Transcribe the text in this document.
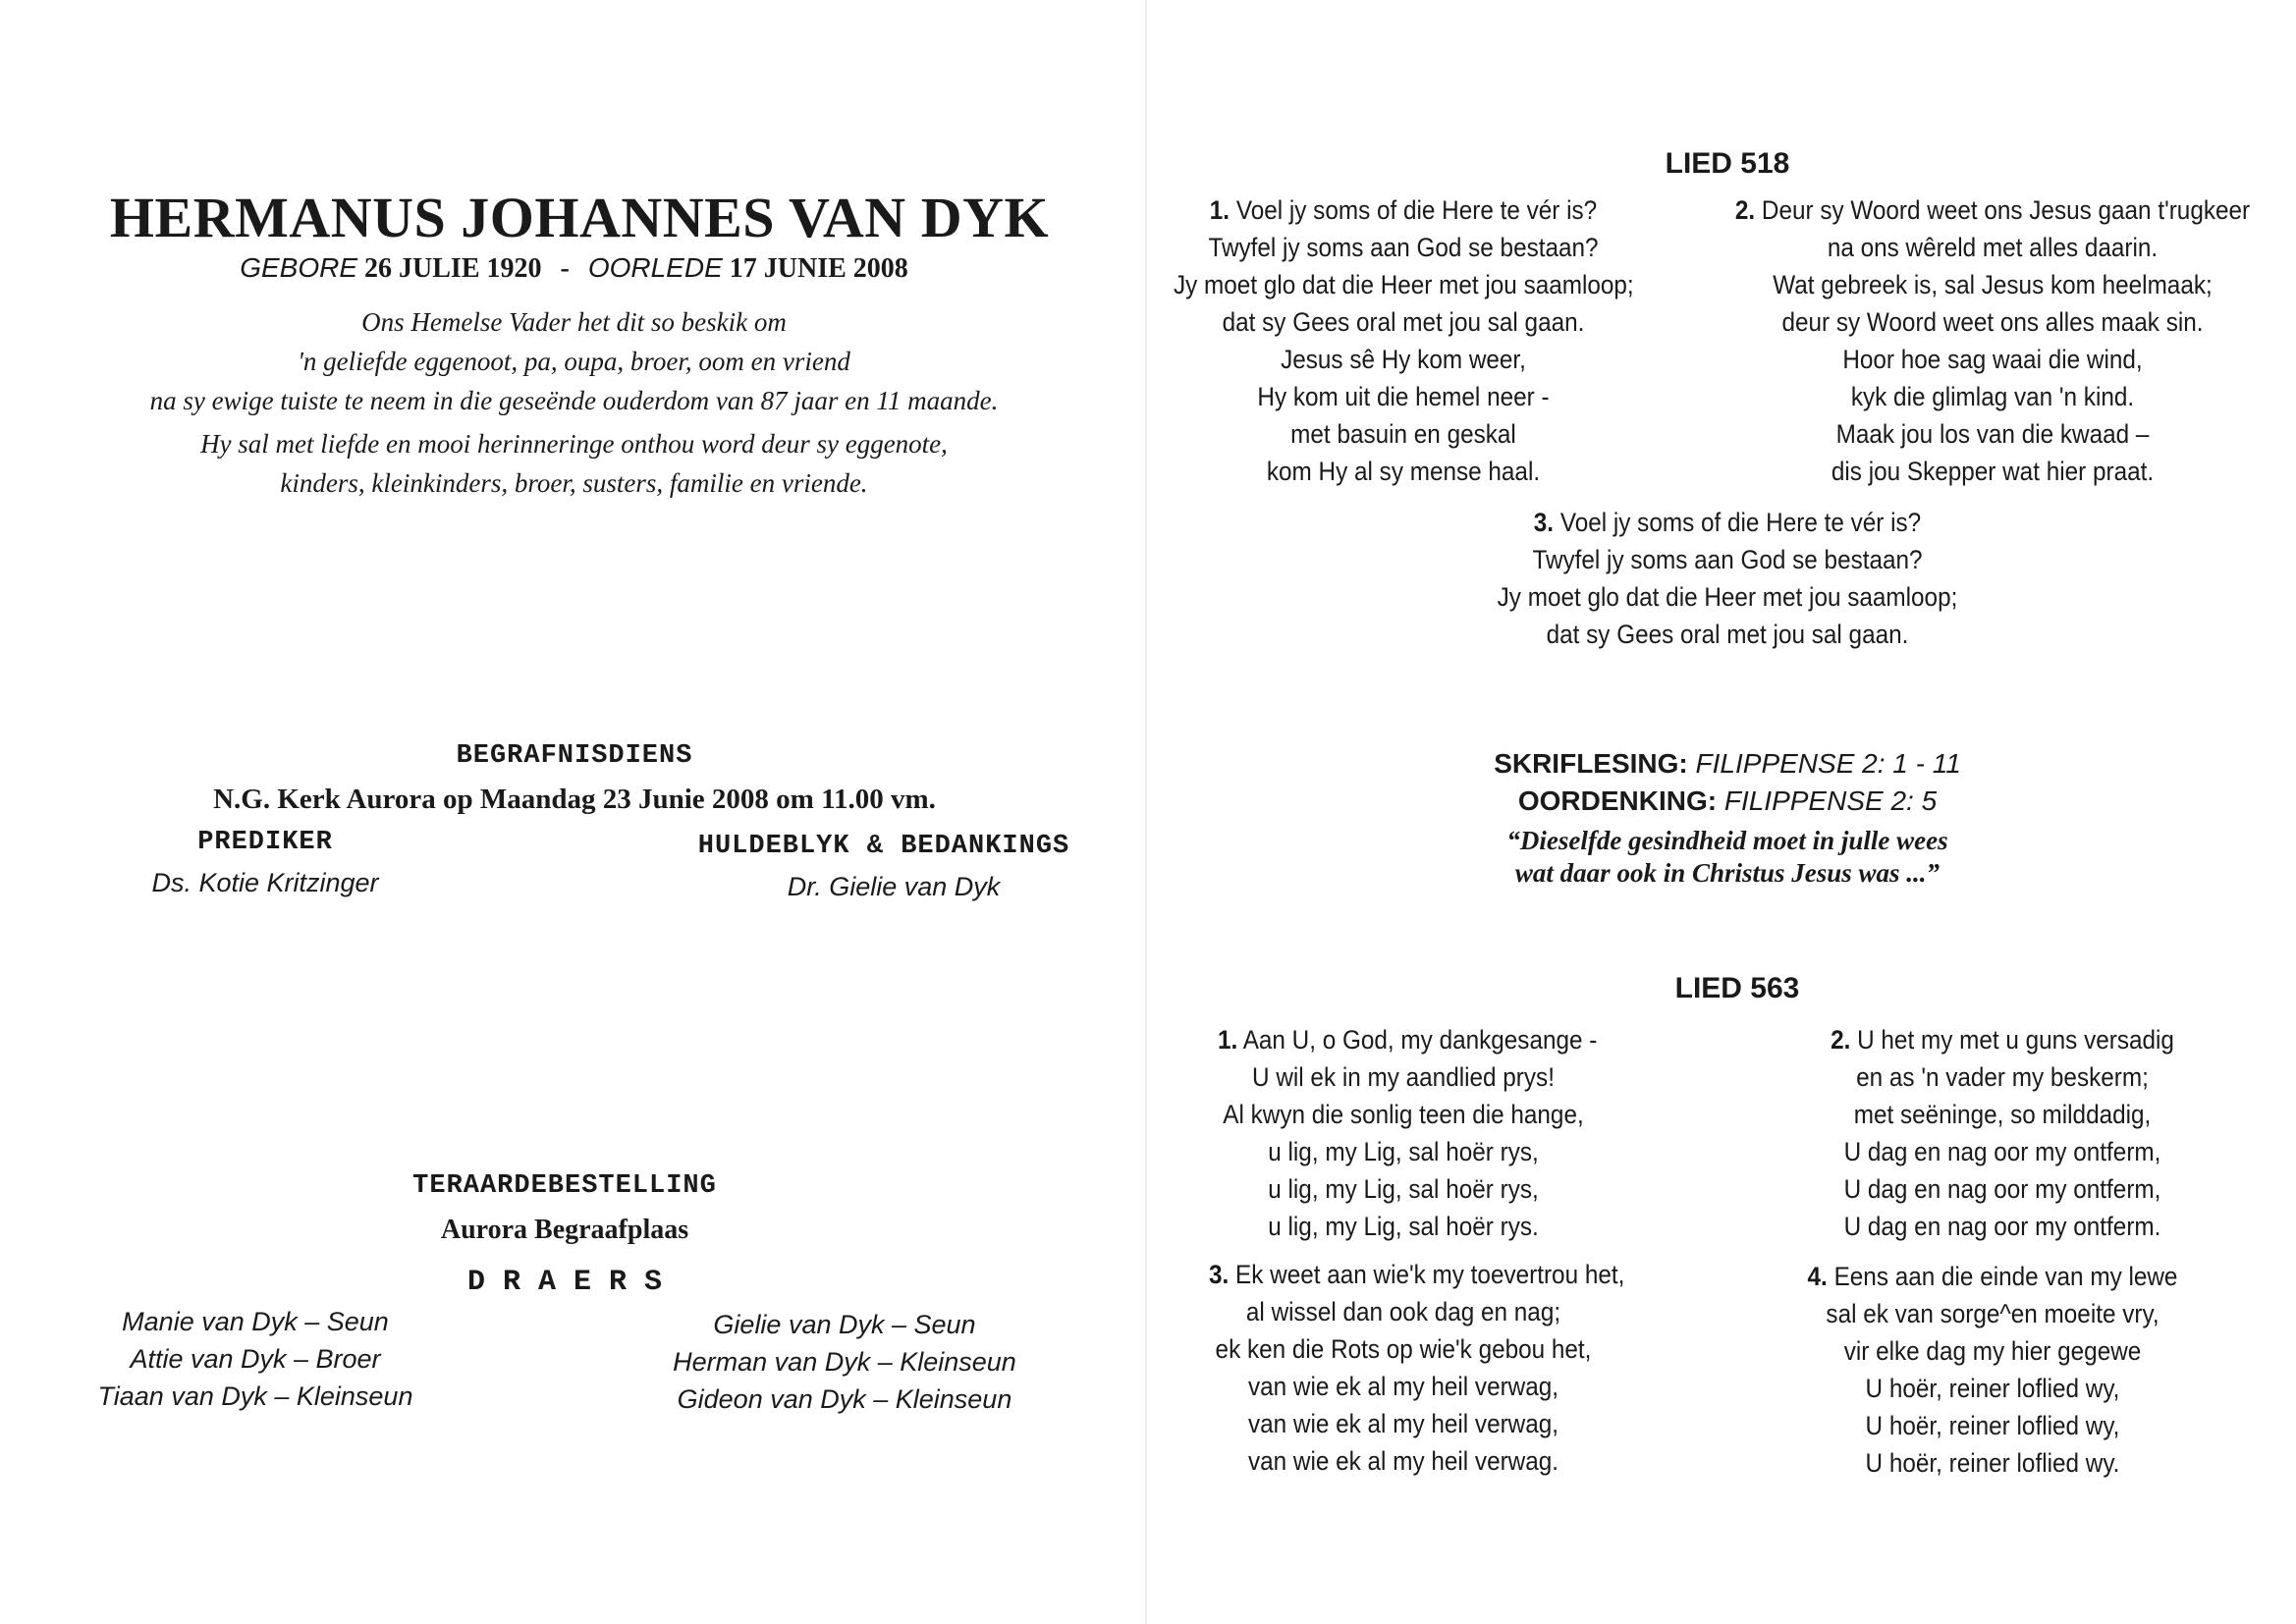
HERMANUS JOHANNES VAN DYK
GEBORE 26 JULIE 1920 - OORLEDE 17 JUNIE 2008
Ons Hemelse Vader het dit so beskik om
'n geliefde eggenoot, pa, oupa, broer, oom en vriend
na sy ewige tuiste te neem in die geseënde ouderdom van 87 jaar en 11 maande.
Hy sal met liefde en mooi herinneringe onthou word deur sy eggenote,
kinders, kleinkinders, broer, susters, familie en vriende.
BEGRAFNISDIENS
N.G. Kerk Aurora op Maandag 23 Junie 2008 om 11.00 vm.
PREDIKER
Ds. Kotie Kritzinger
HULDEBLYK & BEDANKINGS
Dr. Gielie van Dyk
TERAARDEBESTELLING
Aurora Begraafplaas
D R A E R S
Manie van Dyk – Seun
Attie van Dyk – Broer
Tiaan van Dyk – Kleinseun
Gielie van Dyk – Seun
Herman van Dyk – Kleinseun
Gideon van Dyk – Kleinseun
LIED 518
1. Voel jy soms of die Here te vér is?
Twyfel jy soms aan God se bestaan?
Jy moet glo dat die Heer met jou saamloop;
dat sy Gees oral met jou sal gaan.
Jesus sê Hy kom weer,
Hy kom uit die hemel neer -
met basuin en geskal
kom Hy al sy mense haal.
2. Deur sy Woord weet ons Jesus gaan t'rugkeer
na ons wêreld met alles daarin.
Wat gebreek is, sal Jesus kom heelmaak;
deur sy Woord weet ons alles maak sin.
Hoor hoe sag waai die wind,
kyk die glimlag van 'n kind.
Maak jou los van die kwaad –
dis jou Skepper wat hier praat.
3. Voel jy soms of die Here te vér is?
Twyfel jy soms aan God se bestaan?
Jy moet glo dat die Heer met jou saamloop;
dat sy Gees oral met jou sal gaan.
SKRIFLESING: FILIPPENSE 2: 1 - 11
OORDENKING: FILIPPENSE 2: 5
“Dieselfde gesindheid moet in julle wees
wat daar ook in Christus Jesus was ...”
LIED 563
1. Aan U, o God, my dankgesange -
U wil ek in my aandlied prys!
Al kwyn die sonlig teen die hange,
u lig, my Lig, sal hoër rys,
u lig, my Lig, sal hoër rys,
u lig, my Lig, sal hoër rys.
2. U het my met u guns versadig
en as 'n vader my beskerm;
met seëninge, so milddadig,
U dag en nag oor my ontferm,
U dag en nag oor my ontferm,
U dag en nag oor my ontferm.
3. Ek weet aan wie'k my toevertrou het,
al wissel dan ook dag en nag;
ek ken die Rots op wie'k gebou het,
van wie ek al my heil verwag,
van wie ek al my heil verwag,
van wie ek al my heil verwag.
4. Eens aan die einde van my lewe
sal ek van sorge^en moeite vry,
vir elke dag my hier gegewe
U hoër, reiner loflied wy,
U hoër, reiner loflied wy,
U hoër, reiner loflied wy.
